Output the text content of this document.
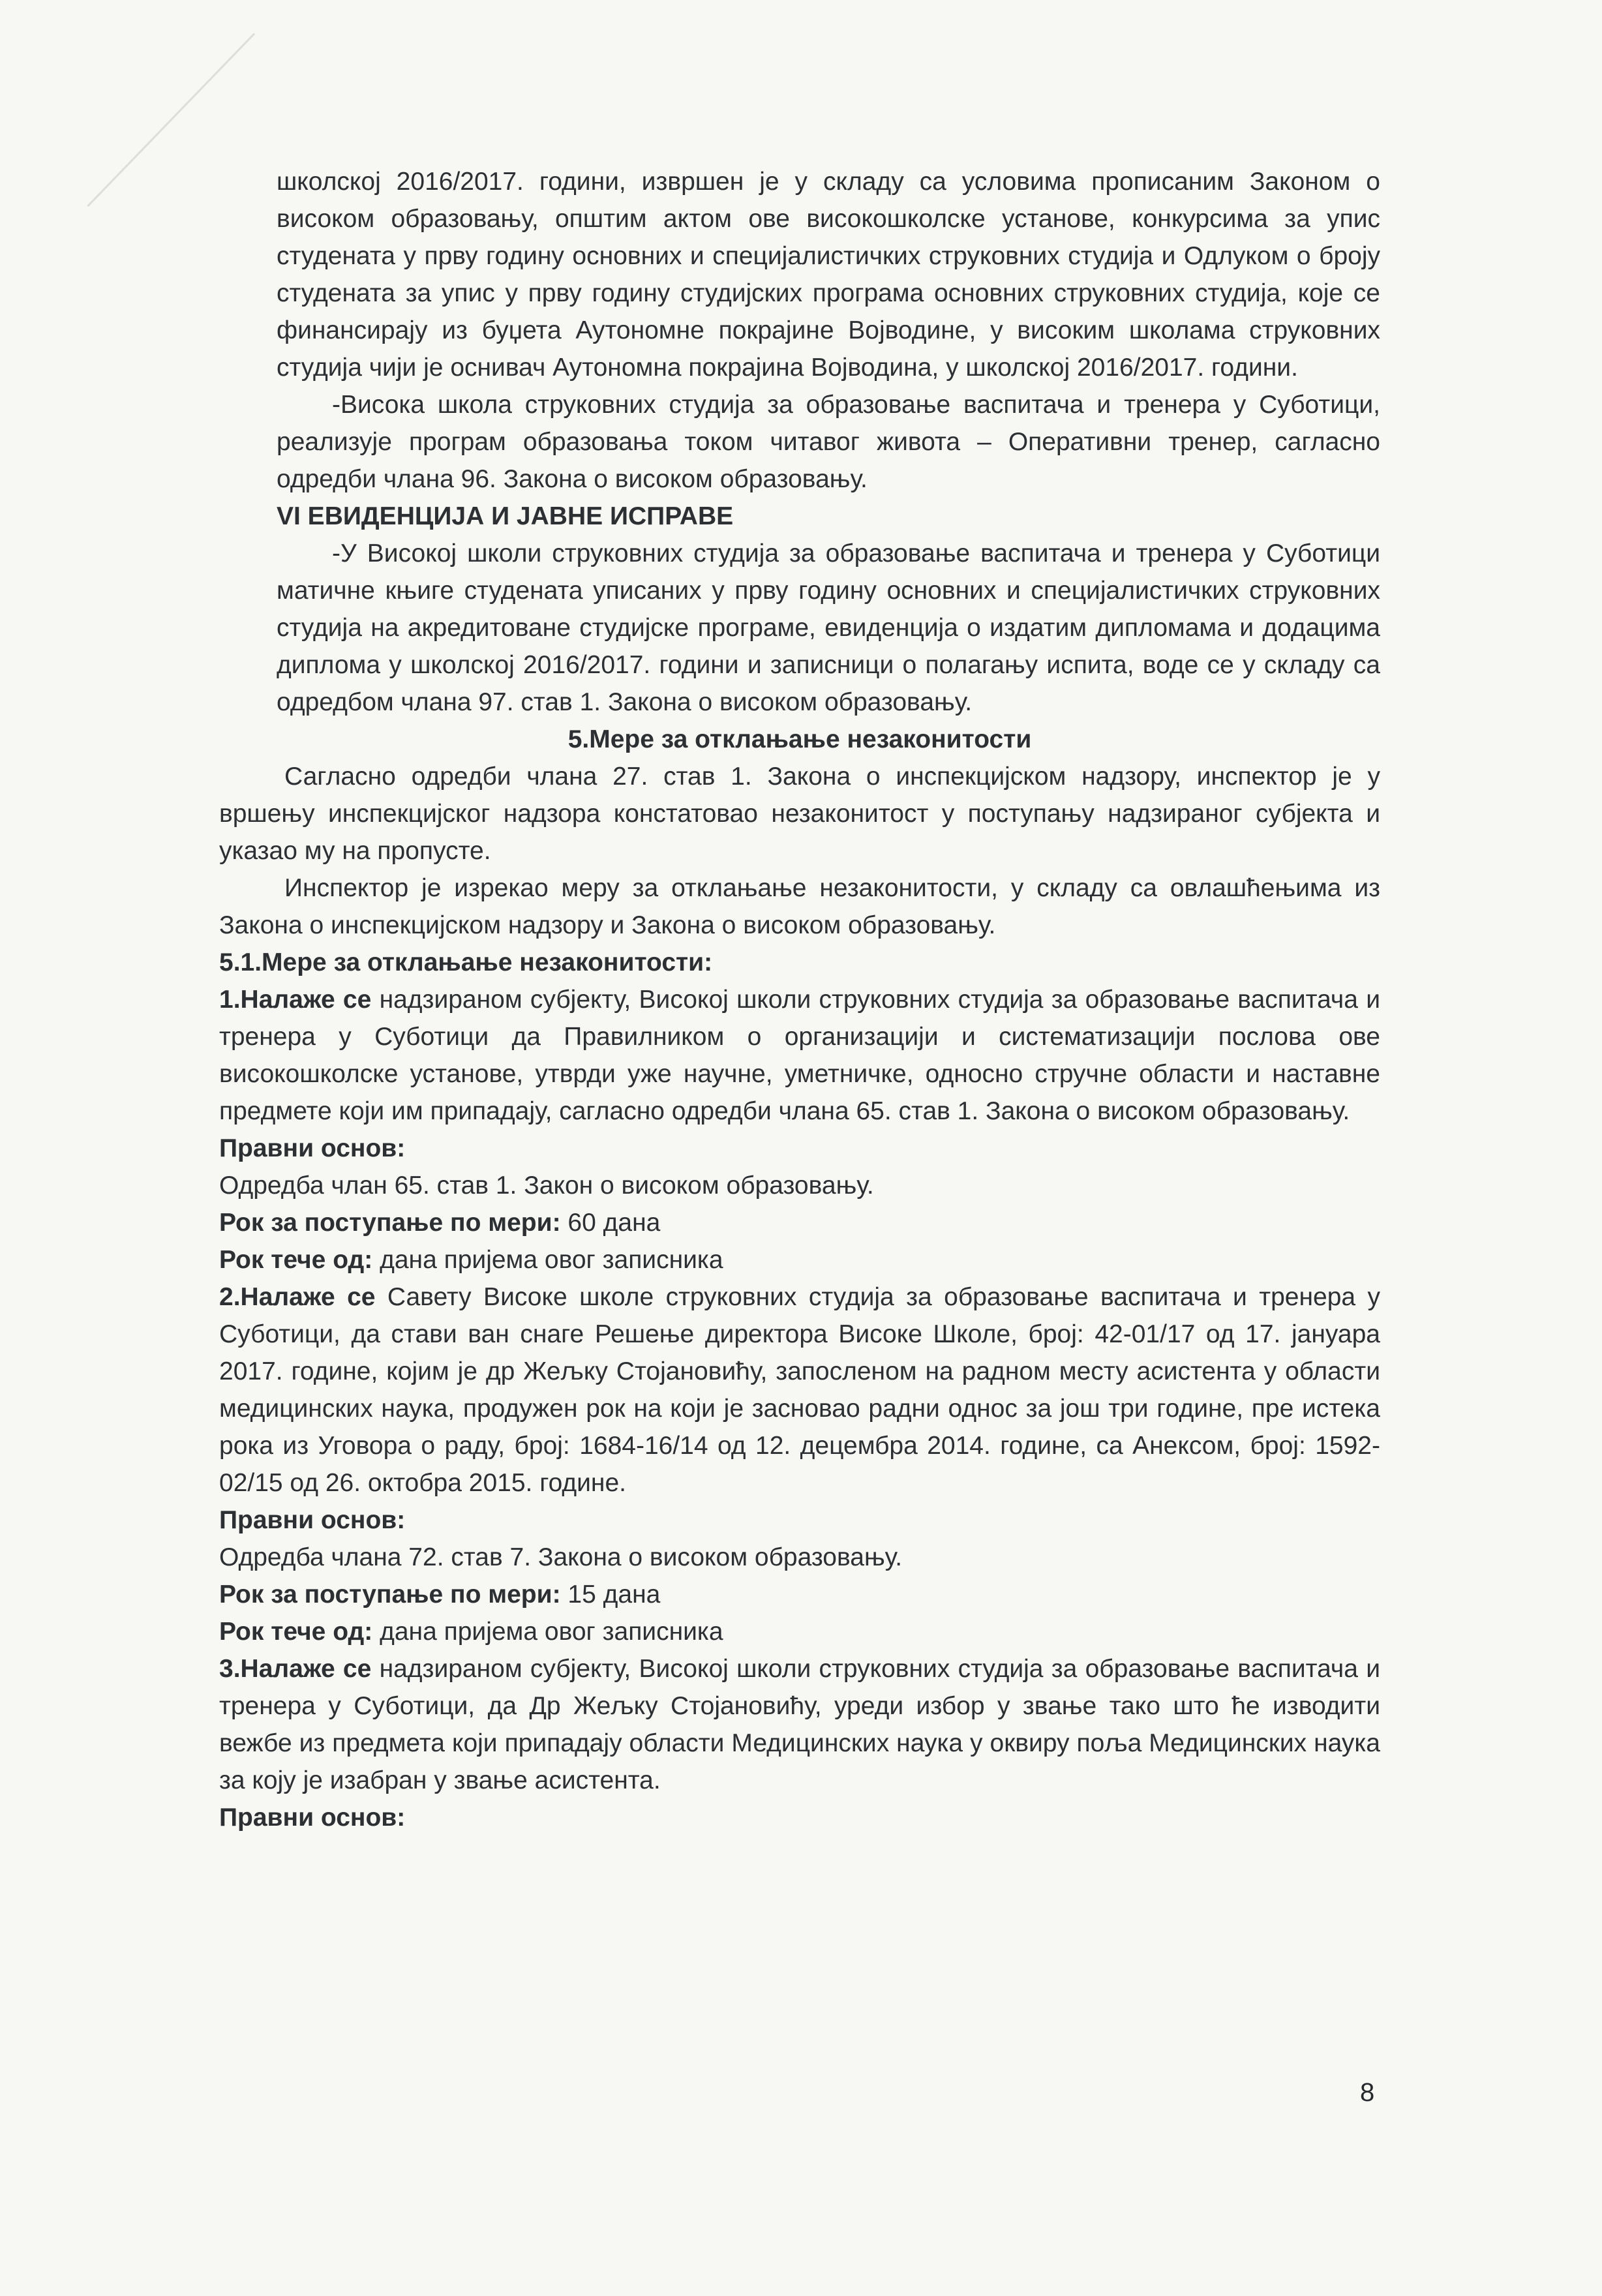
школској 2016/2017. години, извршен је у складу са условима прописаним Законом о високом образовању, општим актом ове високошколске установе, конкурсима за упис студената у прву годину основних и специјалистичких струковних студија и Одлуком о броју студената за упис у прву годину студијских програма основних струковних студија, које се финансирају из буџета Аутономне покрајине Војводине, у високим школама струковних студија чији је оснивач Аутономна покрајина Војводина, у школској 2016/2017. години.

-Висока школа струковних студија за образовање васпитача и тренера у Суботици, реализује програм образовања током читавог живота – Оперативни тренер, сагласно одредби члана 96. Закона о високом образовању.

VI ЕВИДЕНЦИЈА И ЈАВНЕ ИСПРАВЕ

-У Високој школи струковних студија за образовање васпитача и тренера у Суботици матичне књиге студената уписаних у прву годину основних и специјалистичких струковних студија на акредитоване студијске програме, евиденција о издатим дипломама и додацима диплома у школској 2016/2017. години и записници о полагању испита, воде се у складу са одредбом члана 97. став 1. Закона о високом образовању.

5.Мере за отклањање незаконитости

Сагласно одредби члана 27. став 1. Закона о инспекцијском надзору, инспектор је у вршењу инспекцијског надзора констатовао незаконитост у поступању надзираног субјекта и указао му на пропусте.

Инспектор је изрекао меру за отклањање незаконитости, у складу са овлашћењима из Закона о инспекцијском надзору и Закона о високом образовању.

5.1.Мере за отклањање незаконитости:

1.Налаже се надзираном субјекту, Високој школи струковних студија за образовање васпитача и тренера у Суботици да Правилником о организацији и систематизацији послова ове високошколске установе, утврди уже научне, уметничке, односно стручне области и наставне предмете који им припадају, сагласно одредби члана 65. став 1. Закона о високом образовању.

Правни основ:

Одредба члан 65. став 1. Закон о високом образовању.

Рок за поступање по мери: 60 дана

Рок тече од: дана пријема овог записника

2.Налаже се Савету Високе школе струковних студија за образовање васпитача и тренера у Суботици, да стави ван снаге Решење директора Високе Школе, број: 42-01/17 од 17. јануара 2017. године, којим је др Жељку Стојановићу, запосленом на радном месту асистента у области медицинских наука, продужен рок на који је засновао радни однос за још три године, пре истека рока из Уговора о раду, број: 1684-16/14 од 12. децембра 2014. године, са Анексом, број: 1592-02/15 од 26. октобра 2015. године.

Правни основ:

Одредба члана 72. став 7. Закона о високом образовању.

Рок за поступање по мери: 15 дана

Рок тече од: дана пријема овог записника

3.Налаже се надзираном субјекту, Високој школи струковних студија за образовање васпитача и тренера у Суботици, да Др Жељку Стојановићу, уреди избор у звање тако што ће изводити вежбе из предмета који припадају области Медицинских наука у оквиру поља Медицинских наука за коју је изабран у звање асистента.

Правни основ:

8
